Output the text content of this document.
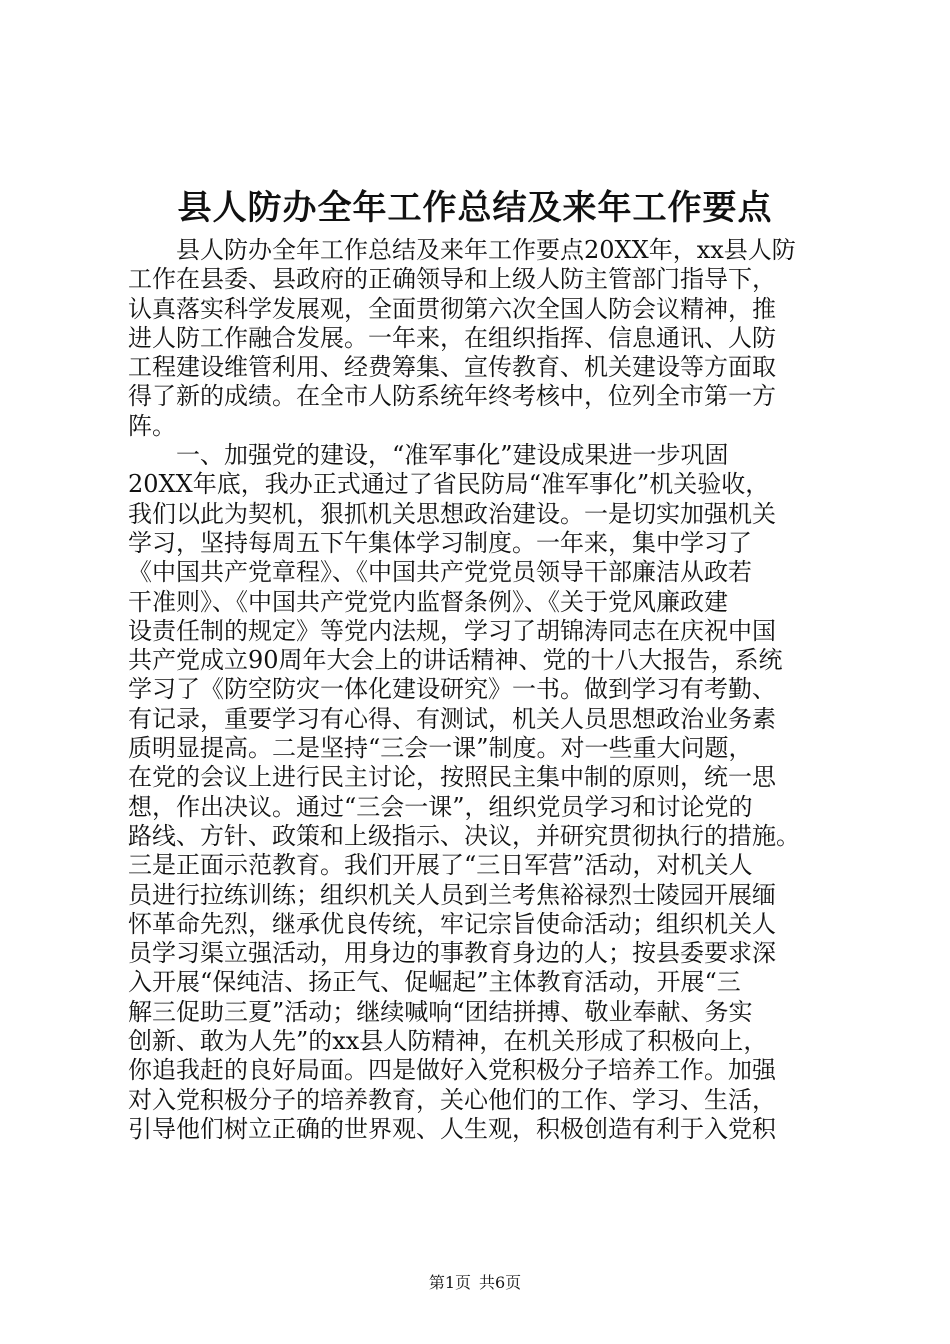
县人防办全年工作总结及来年工作要点
　　县人防办全年工作总结及来年工作要点20XX年，xx县人防
工作在县委、县政府的正确领导和上级人防主管部门指导下，
认真落实科学发展观，全面贯彻第六次全国人防会议精神，推
进人防工作融合发展。一年来，在组织指挥、信息通讯、人防
工程建设维管利用、经费筹集、宣传教育、机关建设等方面取
得了新的成绩。在全市人防系统年终考核中，位列全市第一方
阵。
　　一、加强党的建设，“准军事化”建设成果进一步巩固
20XX年底，我办正式通过了省民防局“准军事化”机关验收，
我们以此为契机，狠抓机关思想政治建设。一是切实加强机关
学习，坚持每周五下午集体学习制度。一年来，集中学习了
《中国共产党章程》、《中国共产党党员领导干部廉洁从政若
干准则》、《中国共产党党内监督条例》、《关于党风廉政建
设责任制的规定》等党内法规，学习了胡锦涛同志在庆祝中国
共产党成立90周年大会上的讲话精神、党的十八大报告，系统
学习了《防空防灾一体化建设研究》一书。做到学习有考勤、
有记录，重要学习有心得、有测试，机关人员思想政治业务素
质明显提高。二是坚持“三会一课”制度。对一些重大问题，
在党的会议上进行民主讨论，按照民主集中制的原则，统一思
想，作出决议。通过“三会一课”，组织党员学习和讨论党的
路线、方针、政策和上级指示、决议，并研究贯彻执行的措施。
三是正面示范教育。我们开展了“三日军营”活动，对机关人
员进行拉练训练；组织机关人员到兰考焦裕禄烈士陵园开展缅
怀革命先烈，继承优良传统，牢记宗旨使命活动；组织机关人
员学习渠立强活动，用身边的事教育身边的人；按县委要求深
入开展“保纯洁、扬正气、促崛起”主体教育活动，开展“三
解三促助三夏”活动；继续喊响“团结拼搏、敬业奉献、务实
创新、敢为人先”的xx县人防精神，在机关形成了积极向上，
你追我赶的良好局面。四是做好入党积极分子培养工作。加强
对入党积极分子的培养教育，关心他们的工作、学习、生活，
引导他们树立正确的世界观、人生观，积极创造有利于入党积
第1页 共6页
